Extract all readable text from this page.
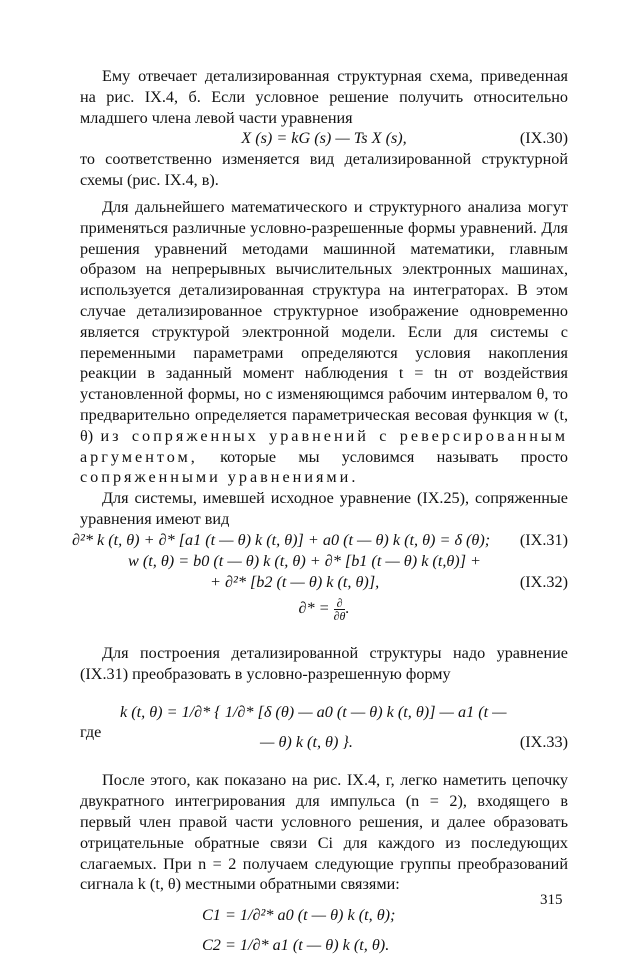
Ему отвечает детализированная структурная схема, приведенная на рис. IX.4, б. Если условное решение получить относительно младшего члена левой части уравнения

X (s) = kG (s) — Ts X (s),	(IX.30)

то соответственно изменяется вид детализированной структурной схемы (рис. IX.4, в).

Для дальнейшего математического и структурного анализа могут применяться различные условно-разрешенные формы уравнений. Для решения уравнений методами машинной математики, главным образом на непрерывных вычислительных электронных машинах, используется детализированная структура на интеграторах. В этом случае детализированное структурное изображение одновременно является структурой электронной модели. Если для системы с переменными параметрами определяются условия накопления реакции в заданный момент наблюдения t = tн от воздействия установленной формы, но с изменяющимся рабочим интервалом θ, то предварительно определяется параметрическая весовая функция w (t, θ) из сопряженных уравнений с реверсированным аргументом, которые мы условимся называть просто сопряженными уравнениями.

Для системы, имевшей исходное уравнение (IX.25), сопряженные уравнения имеют вид

∂²* k (t, θ) + ∂* [a1 (t — θ) k (t, θ)] + a0 (t — θ) k (t, θ) = δ (θ); (IX.31)
w (t, θ) = b0 (t — θ) k (t, θ) + ∂* [b1 (t — θ) k (t,θ)] +
+ ∂²* [b2 (t — θ) k (t, θ)],	(IX.32)
∂* = ∂
∂θ .

Для построения детализированной структуры надо уравнение (IX.31) преобразовать в условно-разрешенную форму

k (t, θ) = 1/∂* { 1/∂* [δ (θ) — a0 (t — θ) k (t, θ)] — a1 (t —
где
— θ) k (t, θ) }.	(IX.33)

После этого, как показано на рис. IX.4, г, легко наметить цепочку двукратного интегрирования для импульса (n = 2), входящего в первый член правой части условного решения, и далее образовать отрицательные обратные связи Ci для каждого из последующих слагаемых. При n = 2 получаем следующие группы преобразований сигнала k (t, θ) местными обратными связями:

C1 = 1/∂²* a0 (t — θ) k (t, θ);
C2 = 1/∂* a1 (t — θ) k (t, θ).
315
